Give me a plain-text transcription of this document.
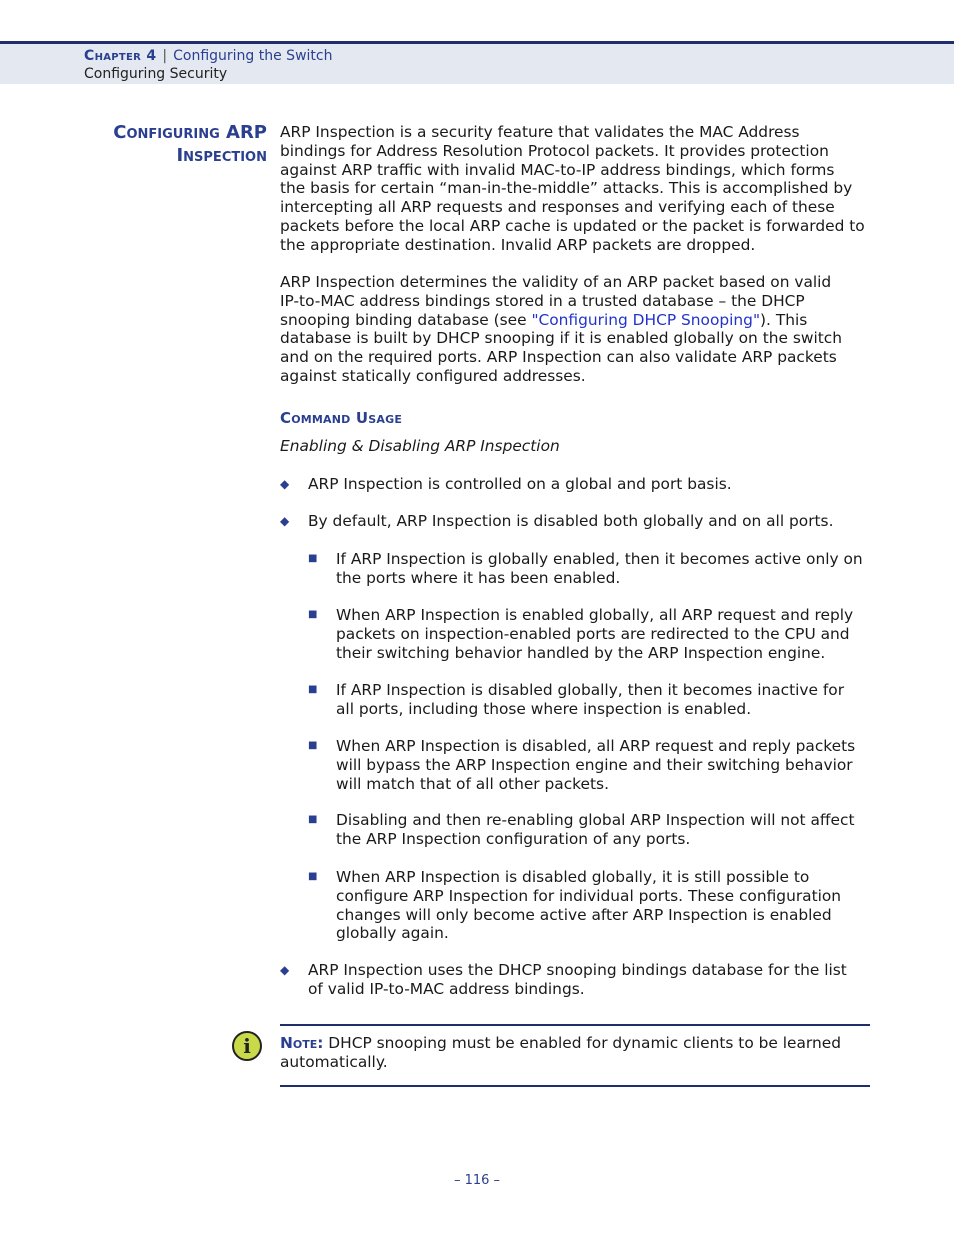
Chapter 4 | Configuring the Switch
Configuring Security
Configuring ARP
Inspection
ARP Inspection is a security feature that validates the MAC Address
bindings for Address Resolution Protocol packets. It provides protection
against ARP traffic with invalid MAC-to-IP address bindings, which forms
the basis for certain “man-in-the-middle” attacks. This is accomplished by
intercepting all ARP requests and responses and verifying each of these
packets before the local ARP cache is updated or the packet is forwarded to
the appropriate destination. Invalid ARP packets are dropped.
ARP Inspection determines the validity of an ARP packet based on valid
IP-to-MAC address bindings stored in a trusted database – the DHCP
snooping binding database (see "Configuring DHCP Snooping"). This
database is built by DHCP snooping if it is enabled globally on the switch
and on the required ports. ARP Inspection can also validate ARP packets
against statically configured addresses.
Command Usage
Enabling & Disabling ARP Inspection
◆ ARP Inspection is controlled on a global and port basis.
◆ By default, ARP Inspection is disabled both globally and on all ports.
■ If ARP Inspection is globally enabled, then it becomes active only on
the ports where it has been enabled.
■ When ARP Inspection is enabled globally, all ARP request and reply
packets on inspection-enabled ports are redirected to the CPU and
their switching behavior handled by the ARP Inspection engine.
■ If ARP Inspection is disabled globally, then it becomes inactive for
all ports, including those where inspection is enabled.
■ When ARP Inspection is disabled, all ARP request and reply packets
will bypass the ARP Inspection engine and their switching behavior
will match that of all other packets.
■ Disabling and then re-enabling global ARP Inspection will not affect
the ARP Inspection configuration of any ports.
■ When ARP Inspection is disabled globally, it is still possible to
configure ARP Inspection for individual ports. These configuration
changes will only become active after ARP Inspection is enabled
globally again.
◆ ARP Inspection uses the DHCP snooping bindings database for the list
of valid IP-to-MAC address bindings.
i	Note: DHCP snooping must be enabled for dynamic clients to be learned
automatically.
– 116 –
